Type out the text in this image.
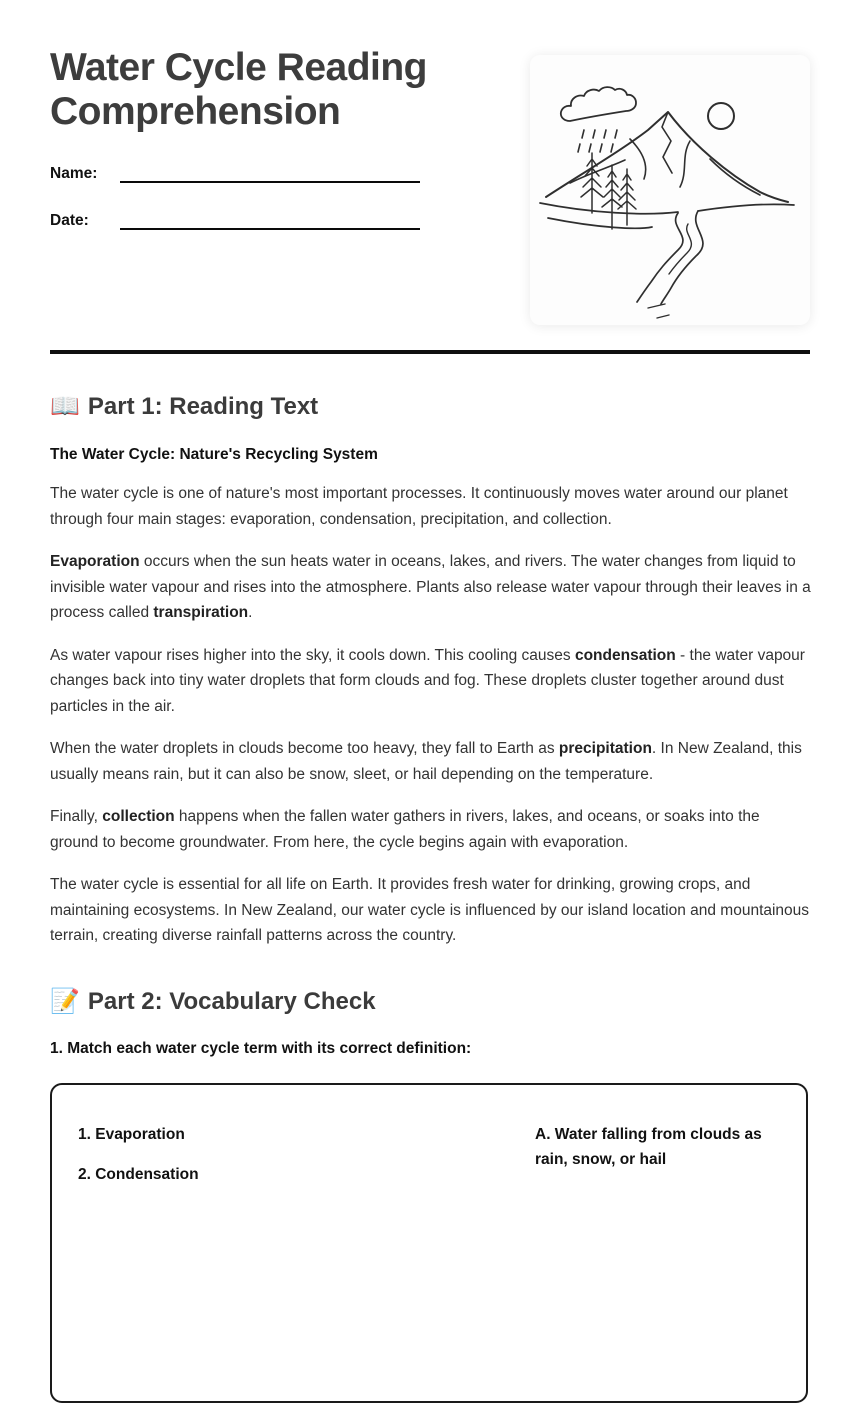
Water Cycle Reading Comprehension
Name:
Date:
📖 Part 1: Reading Text
The Water Cycle: Nature's Recycling System

The water cycle is one of nature's most important processes. It continuously moves water around our planet through four main stages: evaporation, condensation, precipitation, and collection.

Evaporation occurs when the sun heats water in oceans, lakes, and rivers. The water changes from liquid to invisible water vapour and rises into the atmosphere. Plants also release water vapour through their leaves in a process called transpiration.

As water vapour rises higher into the sky, it cools down. This cooling causes condensation - the water vapour changes back into tiny water droplets that form clouds and fog. These droplets cluster together around dust particles in the air.

When the water droplets in clouds become too heavy, they fall to Earth as precipitation. In New Zealand, this usually means rain, but it can also be snow, sleet, or hail depending on the temperature.

Finally, collection happens when the fallen water gathers in rivers, lakes, and oceans, or soaks into the ground to become groundwater. From here, the cycle begins again with evaporation.

The water cycle is essential for all life on Earth. It provides fresh water for drinking, growing crops, and maintaining ecosystems. In New Zealand, our water cycle is influenced by our island location and mountainous terrain, creating diverse rainfall patterns across the country.

📝 Part 2: Vocabulary Check
1. Match each water cycle term with its correct definition:
1. Evaporation
2. Condensation
A. Water falling from clouds as rain, snow, or hail
